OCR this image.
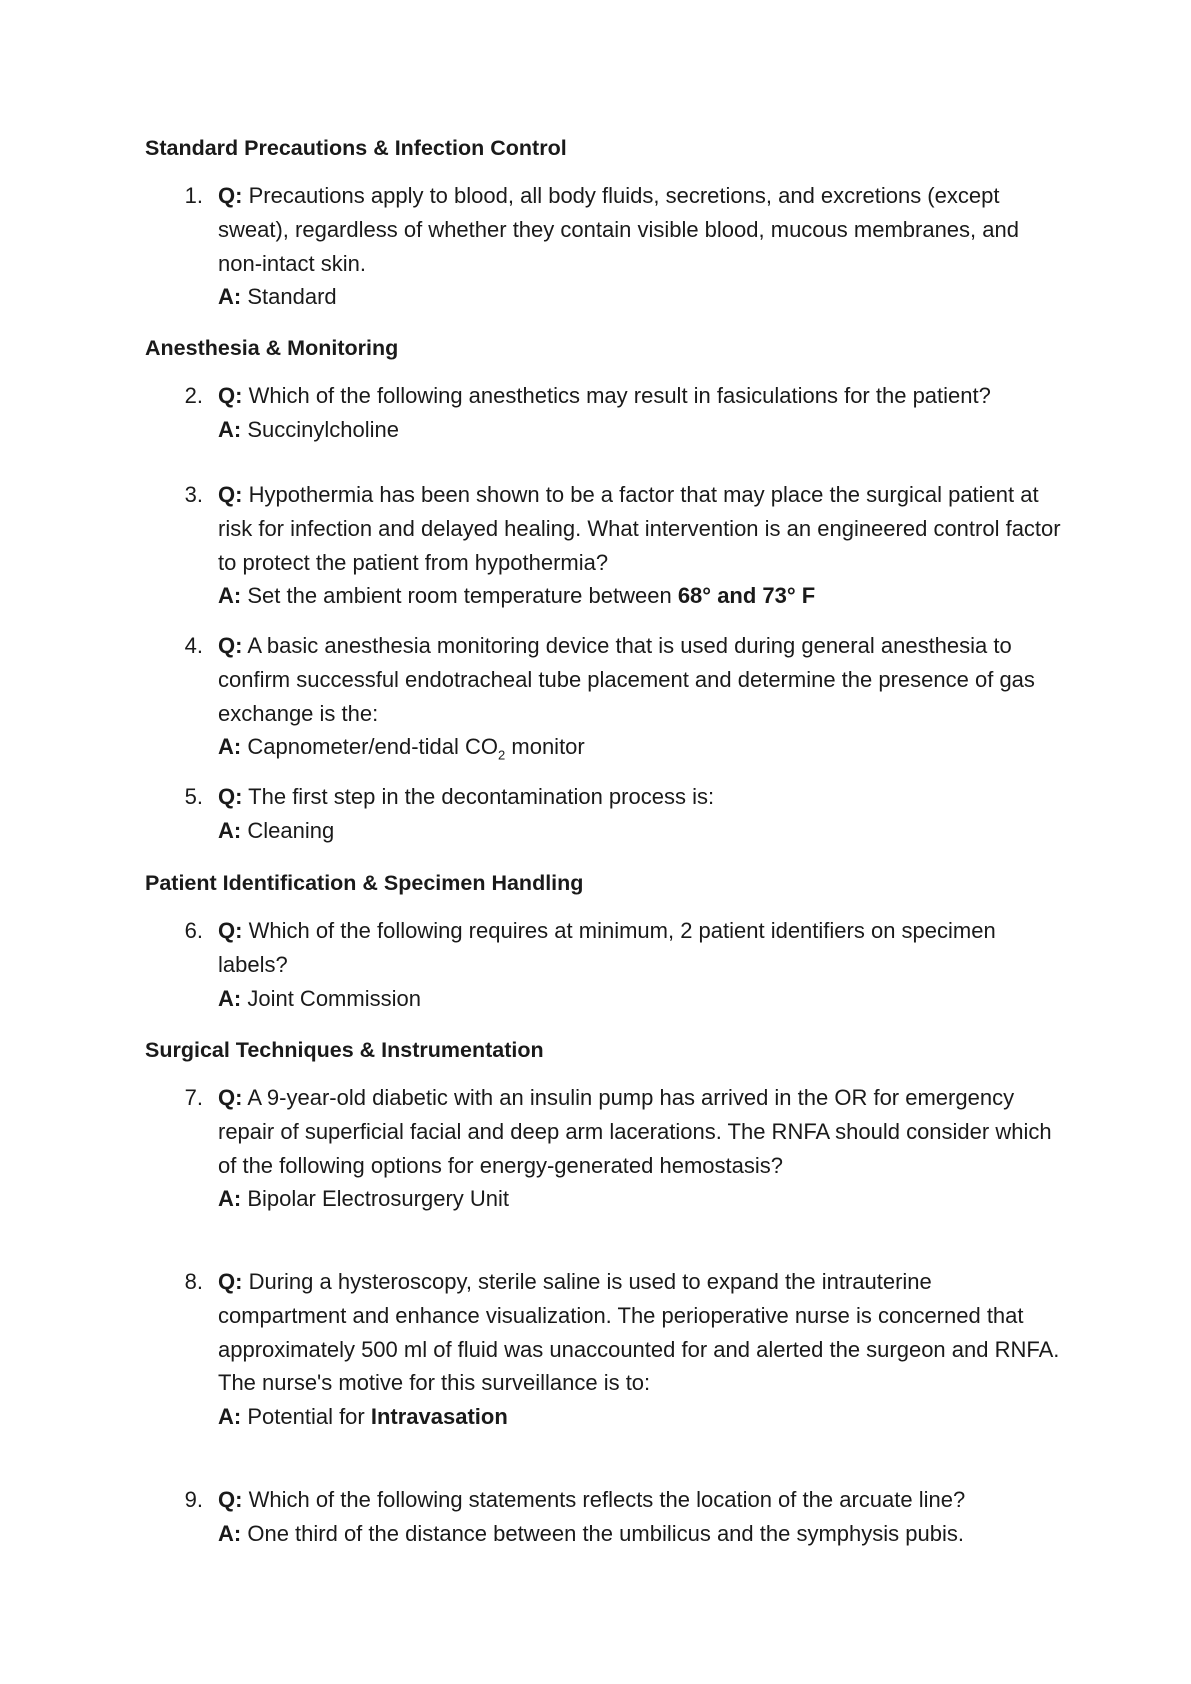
Standard Precautions & Infection Control
1. Q: Precautions apply to blood, all body fluids, secretions, and excretions (except sweat), regardless of whether they contain visible blood, mucous membranes, and non-intact skin.
A: Standard
Anesthesia & Monitoring
2. Q: Which of the following anesthetics may result in fasiculations for the patient?
A: Succinylcholine
3. Q: Hypothermia has been shown to be a factor that may place the surgical patient at risk for infection and delayed healing. What intervention is an engineered control factor to protect the patient from hypothermia?
A: Set the ambient room temperature between 68° and 73° F
4. Q: A basic anesthesia monitoring device that is used during general anesthesia to confirm successful endotracheal tube placement and determine the presence of gas exchange is the:
A: Capnometer/end-tidal $CO_2$ monitor
5. Q: The first step in the decontamination process is:
A: Cleaning
Patient Identification & Specimen Handling
6. Q: Which of the following requires at minimum, 2 patient identifiers on specimen labels?
A: Joint Commission
Surgical Techniques & Instrumentation
7. Q: A 9-year-old diabetic with an insulin pump has arrived in the OR for emergency repair of superficial facial and deep arm lacerations. The RNFA should consider which of the following options for energy-generated hemostasis?
A: Bipolar Electrosurgery Unit
8. Q: During a hysteroscopy, sterile saline is used to expand the intrauterine compartment and enhance visualization. The perioperative nurse is concerned that approximately 500 ml of fluid was unaccounted for and alerted the surgeon and RNFA. The nurse's motive for this surveillance is to:
A: Potential for Intravasation
9. Q: Which of the following statements reflects the location of the arcuate line?
A: One third of the distance between the umbilicus and the symphysis pubis.
